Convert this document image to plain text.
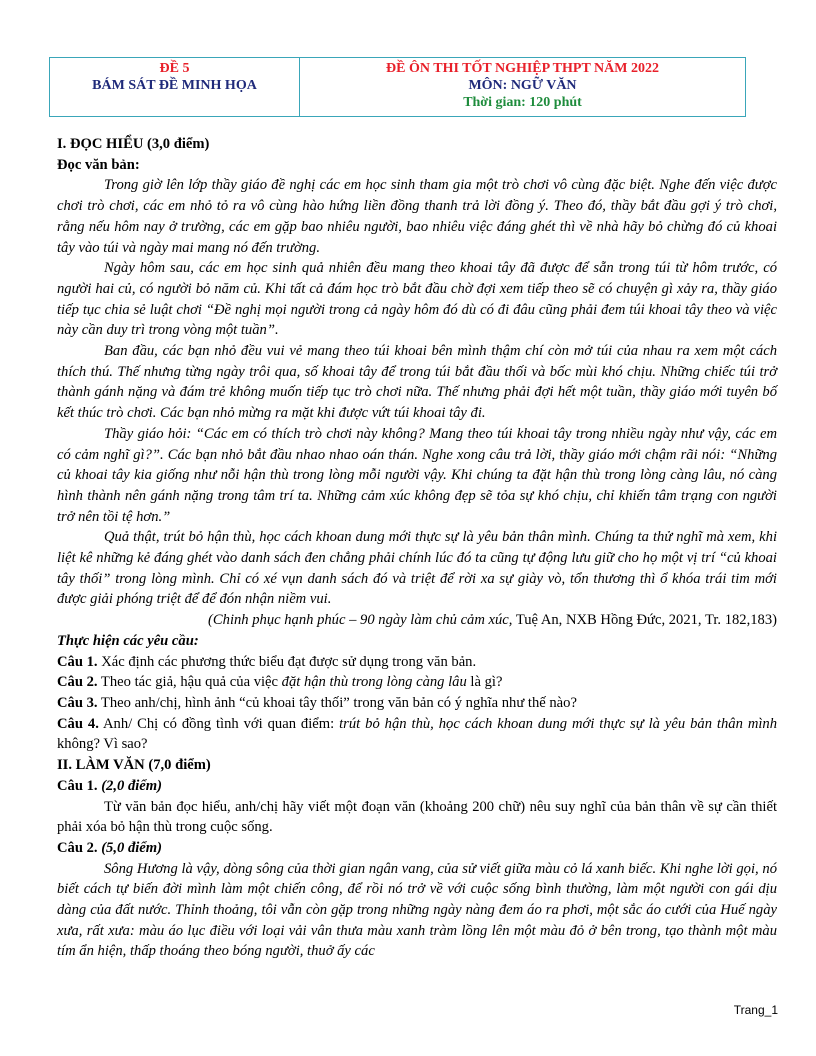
ĐỀ 5
BÁM SÁT ĐỀ MINH HỌA

ĐỀ ÔN THI TỐT NGHIỆP THPT NĂM 2022
MÔN: NGỮ VĂN
Thời gian: 120 phút

I. ĐỌC HIỂU (3,0 điểm)

Đọc văn bản:

Trong giờ lên lớp thầy giáo đề nghị các em học sinh tham gia một trò chơi vô cùng đặc biệt. Nghe đến việc được chơi trò chơi, các em nhỏ tỏ ra vô cùng hào hứng liền đồng thanh trả lời đồng ý. Theo đó, thầy bắt đầu gợi ý trò chơi, rằng nếu hôm nay ở trường, các em gặp bao nhiêu người, bao nhiêu việc đáng ghét thì về nhà hãy bỏ chừng đó củ khoai tây vào túi và ngày mai mang nó đến trường.

Ngày hôm sau, các em học sinh quả nhiên đều mang theo khoai tây đã được để sẵn trong túi từ hôm trước, có người hai củ, có người bỏ năm củ. Khi tất cả đám học trò bắt đầu chờ đợi xem tiếp theo sẽ có chuyện gì xảy ra, thầy giáo tiếp tục chia sẻ luật chơi “Đề nghị mọi người trong cả ngày hôm đó dù có đi đâu cũng phải đem túi khoai tây theo và việc này cần duy trì trong vòng một tuần”.

Ban đầu, các bạn nhỏ đều vui vẻ mang theo túi khoai bên mình thậm chí còn mở túi của nhau ra xem một cách thích thú. Thế nhưng từng ngày trôi qua, số khoai tây để trong túi bắt đầu thối và bốc mùi khó chịu. Những chiếc túi trở thành gánh nặng và đám trẻ không muốn tiếp tục trò chơi nữa. Thế nhưng phải đợi hết một tuần, thầy giáo mới tuyên bố kết thúc trò chơi. Các bạn nhỏ mừng ra mặt khi được vứt túi khoai tây đi.

Thầy giáo hỏi: “Các em có thích trò chơi này không? Mang theo túi khoai tây trong nhiều ngày như vậy, các em có cảm nghĩ gì?”. Các bạn nhỏ bắt đầu nhao nhao oán thán. Nghe xong câu trả lời, thầy giáo mới chậm rãi nói: “Những củ khoai tây kia giống như nỗi hận thù trong lòng mỗi người vậy. Khi chúng ta đặt hận thù trong lòng càng lâu, nó càng hình thành nên gánh nặng trong tâm trí ta. Những cảm xúc không đẹp sẽ tỏa sự khó chịu, chỉ khiến tâm trạng con người trở nên tồi tệ hơn.”

Quả thật, trút bỏ hận thù, học cách khoan dung mới thực sự là yêu bản thân mình. Chúng ta thử nghĩ mà xem, khi liệt kê những kẻ đáng ghét vào danh sách đen chẳng phải chính lúc đó ta cũng tự động lưu giữ cho họ một vị trí “củ khoai tây thối” trong lòng mình. Chỉ có xé vụn danh sách đó và triệt để rời xa sự giày vò, tổn thương thì ổ khóa trái tim mới được giải phóng triệt để để đón nhận niềm vui.

(Chinh phục hạnh phúc – 90 ngày làm chủ cảm xúc, Tuệ An, NXB Hồng Đức, 2021, Tr. 182,183)

Thực hiện các yêu cầu:

Câu 1. Xác định các phương thức biểu đạt được sử dụng trong văn bản.

Câu 2. Theo tác giả, hậu quả của việc đặt hận thù trong lòng càng lâu là gì?

Câu 3. Theo anh/chị, hình ảnh “củ khoai tây thối” trong văn bản có ý nghĩa như thế nào?

Câu 4. Anh/ Chị có đồng tình với quan điểm: trút bỏ hận thù, học cách khoan dung mới thực sự là yêu bản thân mình không? Vì sao?

II. LÀM VĂN (7,0 điểm)

Câu 1. (2,0 điểm)

Từ văn bản đọc hiểu, anh/chị hãy viết một đoạn văn (khoảng 200 chữ) nêu suy nghĩ của bản thân về sự cần thiết phải xóa bỏ hận thù trong cuộc sống.

Câu 2. (5,0 điểm)

Sông Hương là vậy, dòng sông của thời gian ngân vang, của sử viết giữa màu cỏ lá xanh biếc. Khi nghe lời gọi, nó biết cách tự biến đời mình làm một chiến công, để rồi nó trở về với cuộc sống bình thường, làm một người con gái dịu dàng của đất nước. Thỉnh thoảng, tôi vẫn còn gặp trong những ngày nàng đem áo ra phơi, một sắc áo cưới của Huế ngày xưa, rất xưa: màu áo lục điều với loại vải vân thưa màu xanh tràm lồng lên một màu đỏ ở bên trong, tạo thành một màu tím ẩn hiện, thấp thoáng theo bóng người, thuở ấy các

Trang_1
